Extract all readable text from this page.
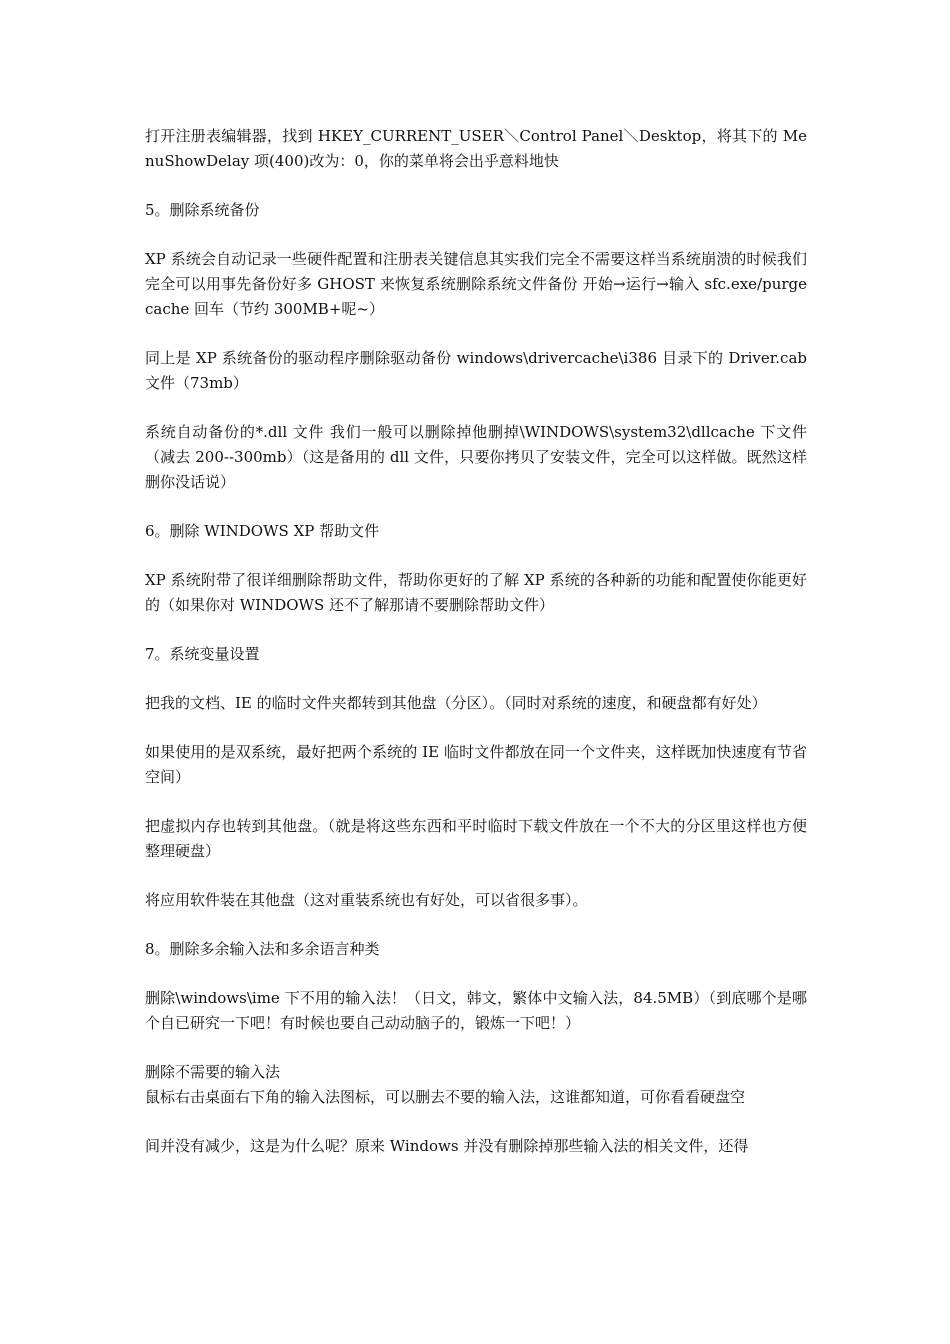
打开注册表编辑器，找到 HKEY_CURRENT_USER＼Control Panel＼Desktop，将其下的 MenuShowDelay 项(400)改为：0，你的菜单将会出乎意料地快

5。删除系统备份

XP 系统会自动记录一些硬件配置和注册表关键信息其实我们完全不需要这样当系统崩溃的时候我们完全可以用事先备份好多 GHOST 来恢复系统删除系统文件备份 开始→运行→输入 sfc.exe/purgecache 回车（节约 300MB+呢~）

同上是 XP 系统备份的驱动程序删除驱动备份 windows\drivercache\i386 目录下的 Driver.cab 文件（73mb）

系统自动备份的*.dll 文件 我们一般可以删除掉他删掉\WINDOWS\system32\dllcache 下文件（减去 200--300mb）（这是备用的 dll 文件，只要你拷贝了安装文件，完全可以这样做。既然这样删你没话说）

6。删除 WINDOWS XP 帮助文件

XP 系统附带了很详细删除帮助文件，帮助你更好的了解 XP 系统的各种新的功能和配置使你能更好的（如果你对 WINDOWS 还不了解那请不要删除帮助文件）

7。系统变量设置

把我的文档、IE 的临时文件夹都转到其他盘（分区）。（同时对系统的速度，和硬盘都有好处）

如果使用的是双系统，最好把两个系统的 IE 临时文件都放在同一个文件夹，这样既加快速度有节省空间）

把虚拟内存也转到其他盘。（就是将这些东西和平时临时下载文件放在一个不大的分区里这样也方便整理硬盘）

将应用软件装在其他盘（这对重装系统也有好处，可以省很多事）。

8。删除多余输入法和多余语言种类

删除\windows\ime 下不用的输入法！（日文，韩文，繁体中文输入法，84.5MB）（到底哪个是哪个自已研究一下吧！有时候也要自己动动脑子的，锻炼一下吧！）

删除不需要的输入法

鼠标右击桌面右下角的输入法图标，可以删去不要的输入法，这谁都知道，可你看看硬盘空

间并没有减少，这是为什么呢？原来 Windows 并没有删除掉那些输入法的相关文件，还得
